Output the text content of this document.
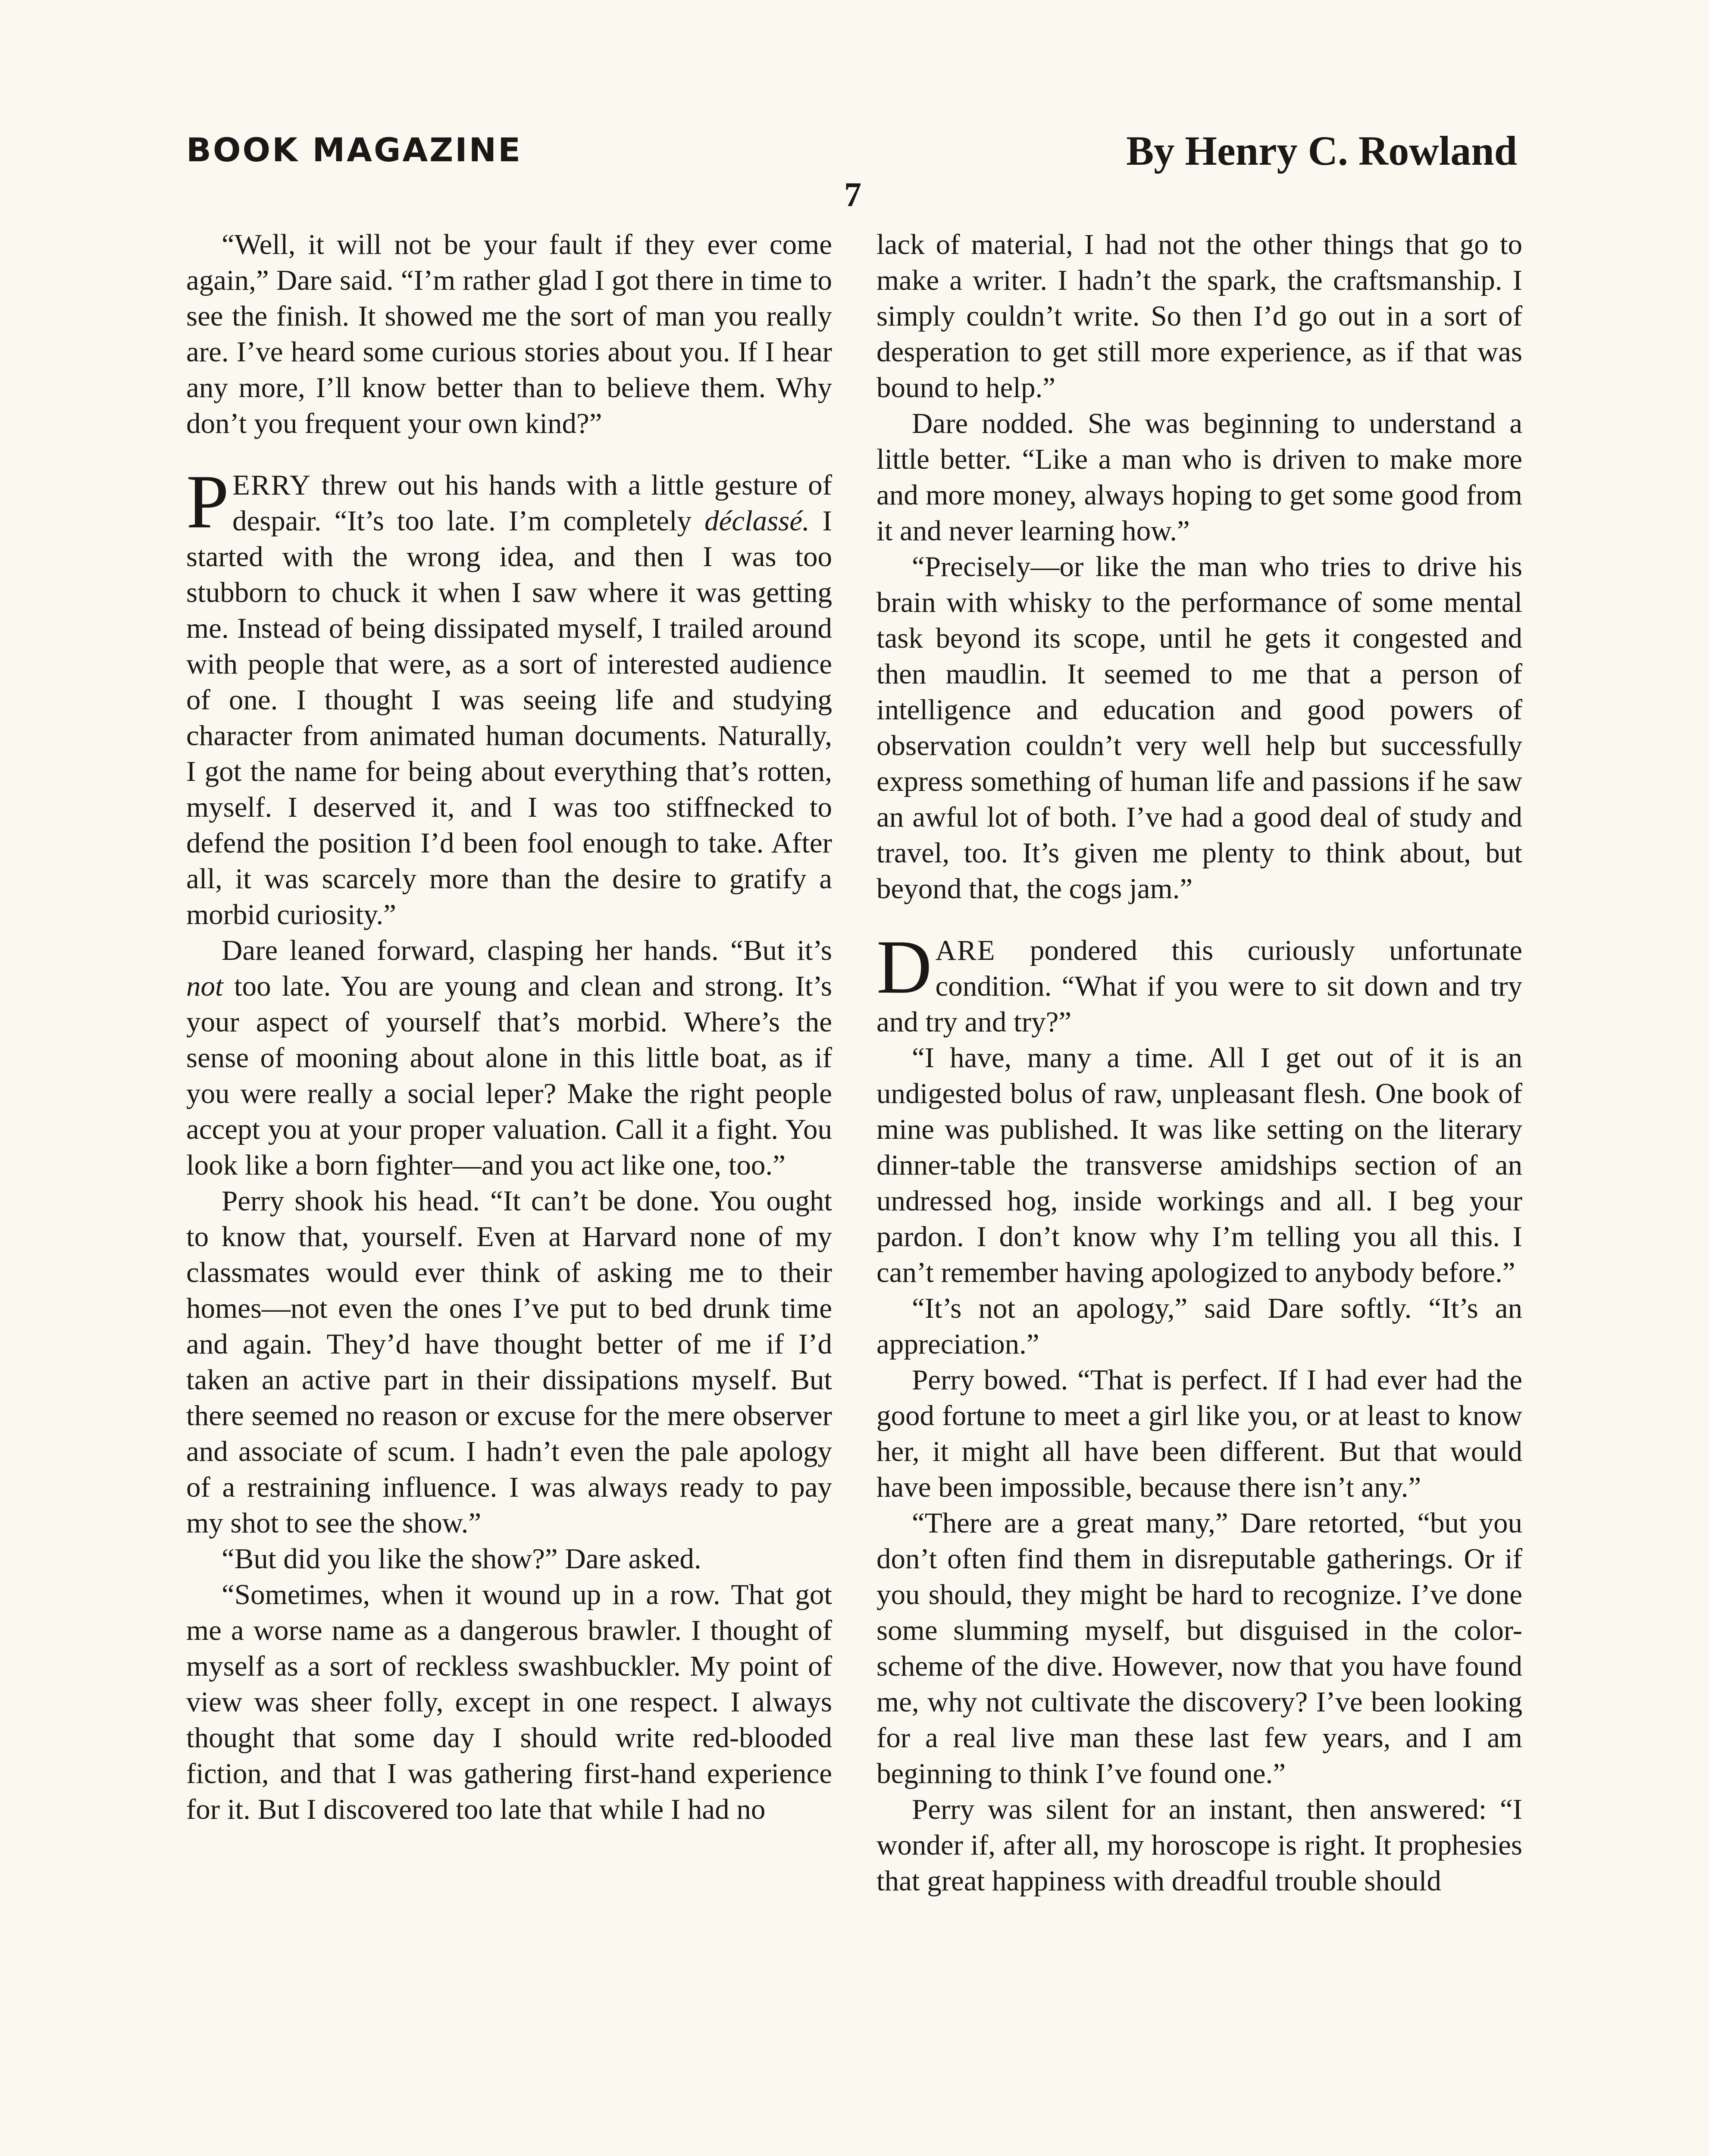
BOOK MAGAZINE	By Henry C. Rowland
7

“Well, it will not be your fault if they ever come again,” Dare said. “I’m rather glad I got there in time to see the finish. It showed me the sort of man you really are. I’ve heard some curious stories about you. If I hear any more, I’ll know better than to believe them. Why don’t you frequent your own kind?”

PERRY threw out his hands with a little gesture of despair. “It’s too late. I’m completely déclassé. I started with the wrong idea, and then I was too stubborn to chuck it when I saw where it was getting me. Instead of being dissipated myself, I trailed around with people that were, as a sort of interested audience of one. I thought I was seeing life and studying character from animated human documents. Naturally, I got the name for being about everything that’s rotten, myself. I deserved it, and I was too stiffnecked to defend the position I’d been fool enough to take. After all, it was scarcely more than the desire to gratify a morbid curiosity.”

Dare leaned forward, clasping her hands. “But it’s not too late. You are young and clean and strong. It’s your aspect of yourself that’s morbid. Where’s the sense of mooning about alone in this little boat, as if you were really a social leper? Make the right people accept you at your proper valuation. Call it a fight. You look like a born fighter—and you act like one, too.”

Perry shook his head. “It can’t be done. You ought to know that, yourself. Even at Harvard none of my classmates would ever think of asking me to their homes—not even the ones I’ve put to bed drunk time and again. They’d have thought better of me if I’d taken an active part in their dissipations myself. But there seemed no reason or excuse for the mere observer and associate of scum. I hadn’t even the pale apology of a restraining influence. I was always ready to pay my shot to see the show.”

“But did you like the show?” Dare asked.

“Sometimes, when it wound up in a row. That got me a worse name as a dangerous brawler. I thought of myself as a sort of reckless swashbuckler. My point of view was sheer folly, except in one respect. I always thought that some day I should write red-blooded fiction, and that I was gathering first-hand experience for it. But I discovered too late that while I had no

lack of material, I had not the other things that go to make a writer. I hadn’t the spark, the craftsmanship. I simply couldn’t write. So then I’d go out in a sort of desperation to get still more experience, as if that was bound to help.”

Dare nodded. She was beginning to understand a little better. “Like a man who is driven to make more and more money, always hoping to get some good from it and never learning how.”

“Precisely—or like the man who tries to drive his brain with whisky to the performance of some mental task beyond its scope, until he gets it congested and then maudlin. It seemed to me that a person of intelligence and education and good powers of observation couldn’t very well help but successfully express something of human life and passions if he saw an awful lot of both. I’ve had a good deal of study and travel, too. It’s given me plenty to think about, but beyond that, the cogs jam.”

DARE pondered this curiously unfortunate condition. “What if you were to sit down and try and try and try?”

“I have, many a time. All I get out of it is an undigested bolus of raw, unpleasant flesh. One book of mine was published. It was like setting on the literary dinner-table the transverse amidships section of an undressed hog, inside workings and all. I beg your pardon. I don’t know why I’m telling you all this. I can’t remember having apologized to anybody before.”

“It’s not an apology,” said Dare softly. “It’s an appreciation.”

Perry bowed. “That is perfect. If I had ever had the good fortune to meet a girl like you, or at least to know her, it might all have been different. But that would have been impossible, because there isn’t any.”

“There are a great many,” Dare retorted, “but you don’t often find them in disreputable gatherings. Or if you should, they might be hard to recognize. I’ve done some slumming myself, but disguised in the color-scheme of the dive. However, now that you have found me, why not cultivate the discovery? I’ve been looking for a real live man these last few years, and I am beginning to think I’ve found one.”

Perry was silent for an instant, then answered: “I wonder if, after all, my horoscope is right. It prophesies that great happiness with dreadful trouble should
